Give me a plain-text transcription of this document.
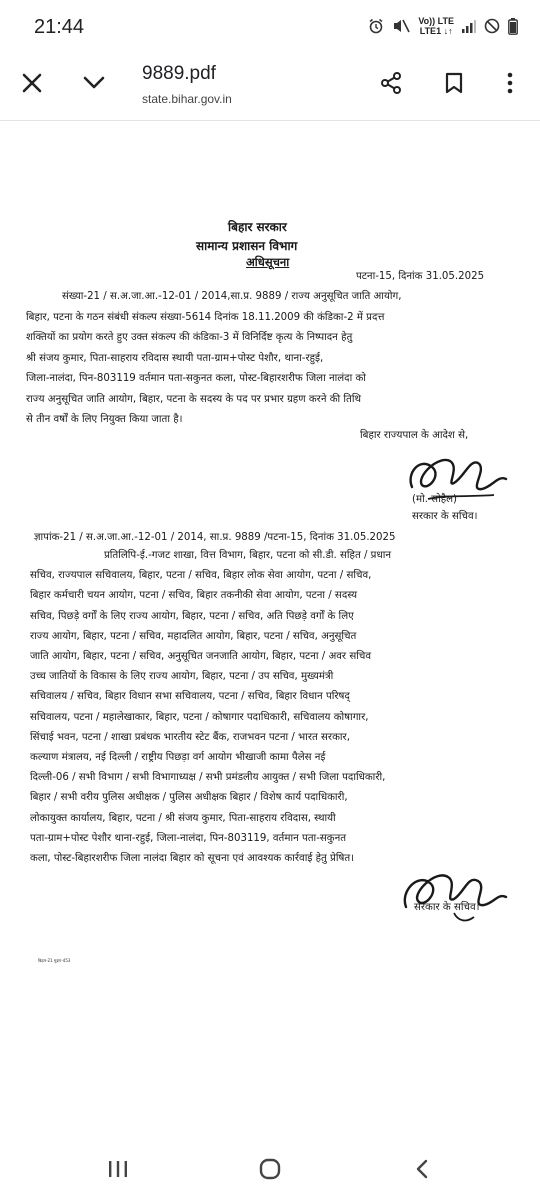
21:44	Vo)) LTE
LTE1 ↓↑
9889.pdf
state.bihar.gov.in
बिहार सरकार
सामान्य प्रशासन विभाग
अधिसूचना
पटना-15, दिनांक 31.05.2025
संख्या-21 / स.अ.जा.आ.-12-01 / 2014,सा.प्र. 9889 / राज्य अनुसूचित जाति आयोग,
बिहार, पटना के गठन संबंधी संकल्प संख्या-5614 दिनांक 18.11.2009 की कंडिका-2 में प्रदत्त
शक्तियों का प्रयोग करते हुए उक्त संकल्प की कंडिका-3 में विनिर्दिष्ट कृत्य के निष्पादन हेतु
श्री संजय कुमार, पिता-साहराय रविदास स्थायी पता-ग्राम+पोस्ट पेशौर, थाना-रहुई,
जिला-नालंदा, पिन-803119 वर्तमान पता-सकुनत कला, पोस्ट-बिहारशरीफ जिला नालंदा को
राज्य अनुसूचित जाति आयोग, बिहार, पटना के सदस्य के पद पर प्रभार ग्रहण करने की तिथि
से तीन वर्षों के लिए नियुक्त किया जाता है।
बिहार राज्यपाल के आदेश से,
(मो. सोहैल)
सरकार के सचिव।
ज्ञापांक-21 / स.अ.जा.आ.-12-01 / 2014, सा.प्र. 9889 /पटना-15, दिनांक 31.05.2025
प्रतिलिपि-ई.-गजट शाखा, वित्त विभाग, बिहार, पटना को सी.डी. सहित / प्रधान
सचिव, राज्यपाल सचिवालय, बिहार, पटना / सचिव, बिहार लोक सेवा आयोग, पटना / सचिव,
बिहार कर्मचारी चयन आयोग, पटना / सचिव, बिहार तकनीकी सेवा आयोग, पटना / सदस्य
सचिव, पिछड़े वर्गों के लिए राज्य आयोग, बिहार, पटना / सचिव, अति पिछड़े वर्गों के लिए
राज्य आयोग, बिहार, पटना / सचिव, महादलित आयोग, बिहार, पटना / सचिव, अनुसूचित
जाति आयोग, बिहार, पटना / सचिव, अनुसूचित जनजाति आयोग, बिहार, पटना / अवर सचिव
उच्च जातियों के विकास के लिए राज्य आयोग, बिहार, पटना / उप सचिव, मुख्यमंत्री
सचिवालय / सचिव, बिहार विधान सभा सचिवालय, पटना / सचिव, बिहार विधान परिषद्
सचिवालय, पटना / महालेखाकार, बिहार, पटना / कोषागार पदाधिकारी, सचिवालय कोषागार,
सिंचाई भवन, पटना / शाखा प्रबंधक भारतीय स्टेट बैंक, राजभवन पटना / भारत सरकार,
कल्याण मंत्रालय, नई दिल्ली / राष्ट्रीय पिछड़ा वर्ग आयोग भीखाजी कामा पैलेस नई
दिल्ली-06 / सभी विभाग / सभी विभागाध्यक्ष / सभी प्रमंडलीय आयुक्त / सभी जिला पदाधिकारी,
बिहार / सभी वरीय पुलिस अधीक्षक / पुलिस अधीक्षक बिहार / विशेष कार्य पदाधिकारी,
लोकायुक्त कार्यालय, बिहार, पटना / श्री संजय कुमार, पिता-साहराय रविदास, स्थायी
पता-ग्राम+पोस्ट पेशौर थाना-रहुई, जिला-नालंदा, पिन-803119, वर्तमान पता-सकुनत
कला, पोस्ट-बिहारशरीफ जिला नालंदा बिहार को सूचना एवं आवश्यक कार्रवाई हेतु प्रेषित।
सरकार के सचिव।
बिहार-21 मुद्रण-453
